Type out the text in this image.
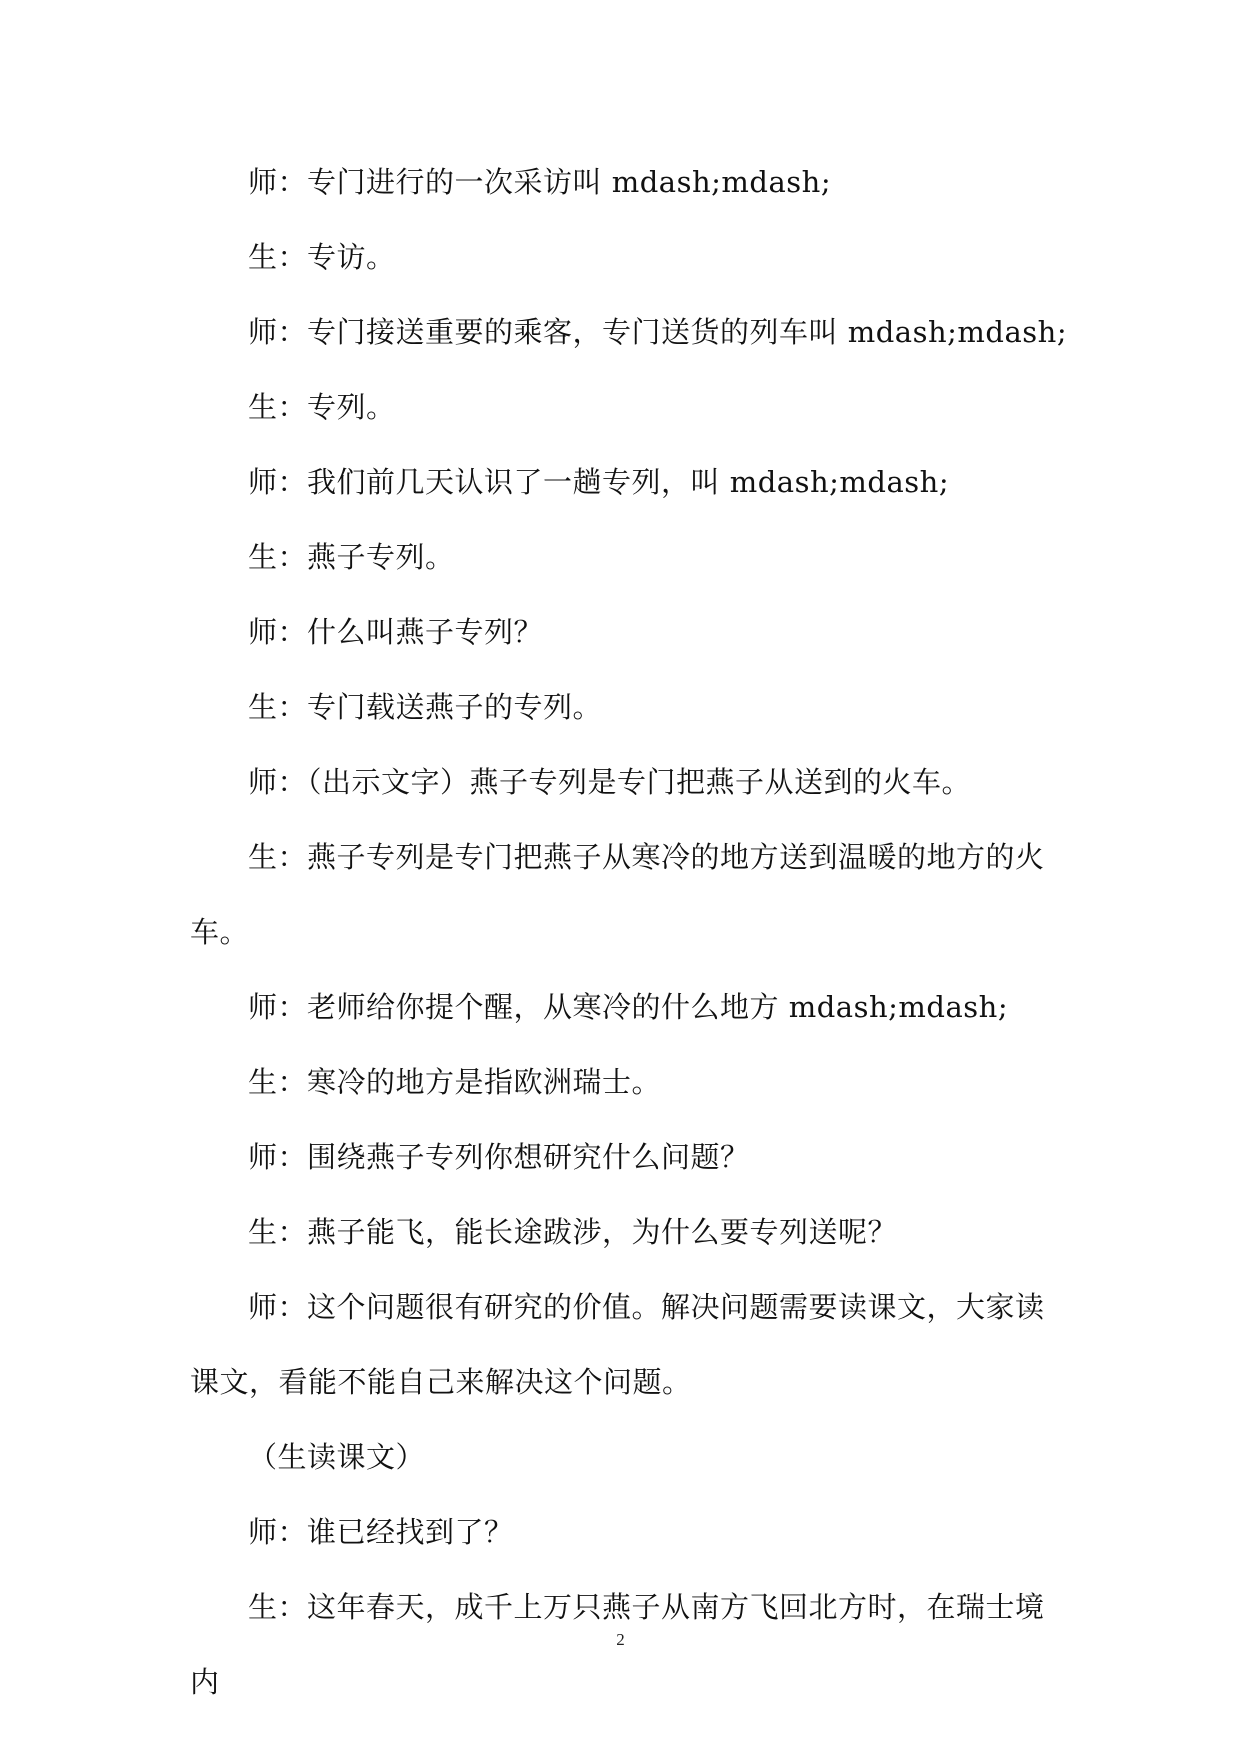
师：专门进行的一次采访叫 mdash;mdash;

生：专访。

师：专门接送重要的乘客，专门送货的列车叫 mdash;mdash;

生：专列。

师：我们前几天认识了一趟专列，叫 mdash;mdash;

生：燕子专列。

师：什么叫燕子专列？

生：专门载送燕子的专列。

师：（出示文字）燕子专列是专门把燕子从送到的火车。

生：燕子专列是专门把燕子从寒冷的地方送到温暖的地方的火车。

师：老师给你提个醒，从寒冷的什么地方 mdash;mdash;

生：寒冷的地方是指欧洲瑞士。

师：围绕燕子专列你想研究什么问题？

生：燕子能飞，能长途跋涉，为什么要专列送呢？

师：这个问题很有研究的价值。解决问题需要读课文，大家读课文，看能不能自己来解决这个问题。

（生读课文）

师：谁已经找到了？

生：这年春天，成千上万只燕子从南方飞回北方时，在瑞士境内

2
